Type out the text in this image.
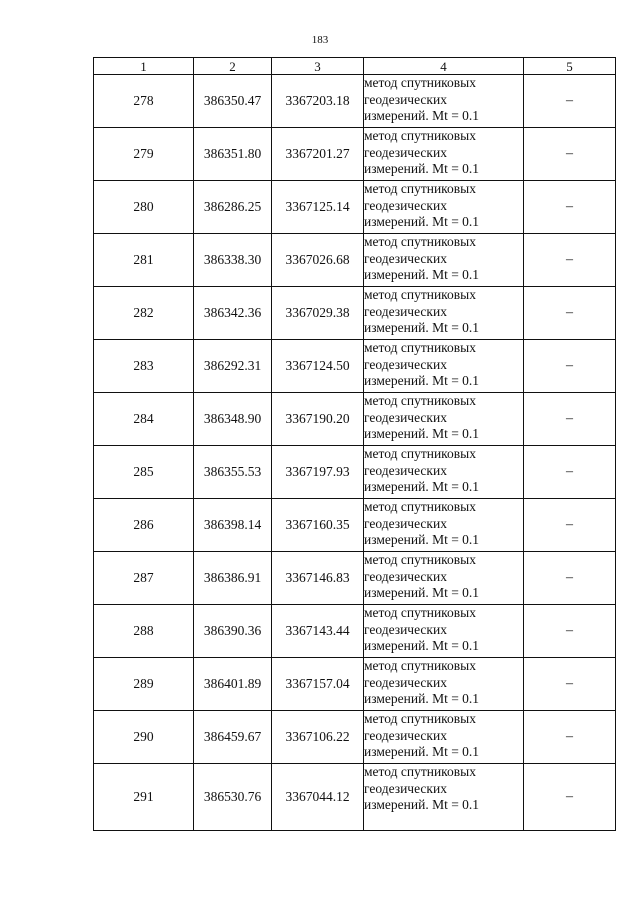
183
1	2	3	4	5
278	386350.47	3367203.18	метод спутниковых
геодезических
измерений. Mt = 0.1	–
279	386351.80	3367201.27	метод спутниковых
геодезических
измерений. Mt = 0.1	–
280	386286.25	3367125.14	метод спутниковых
геодезических
измерений. Mt = 0.1	–
281	386338.30	3367026.68	метод спутниковых
геодезических
измерений. Mt = 0.1	–
282	386342.36	3367029.38	метод спутниковых
геодезических
измерений. Mt = 0.1	–
283	386292.31	3367124.50	метод спутниковых
геодезических
измерений. Mt = 0.1	–
284	386348.90	3367190.20	метод спутниковых
геодезических
измерений. Mt = 0.1	–
285	386355.53	3367197.93	метод спутниковых
геодезических
измерений. Mt = 0.1	–
286	386398.14	3367160.35	метод спутниковых
геодезических
измерений. Mt = 0.1	–
287	386386.91	3367146.83	метод спутниковых
геодезических
измерений. Mt = 0.1	–
288	386390.36	3367143.44	метод спутниковых
геодезических
измерений. Mt = 0.1	–
289	386401.89	3367157.04	метод спутниковых
геодезических
измерений. Mt = 0.1	–
290	386459.67	3367106.22	метод спутниковых
геодезических
измерений. Mt = 0.1	–
291	386530.76	3367044.12	метод спутниковых
геодезических
измерений. Mt = 0.1	–
